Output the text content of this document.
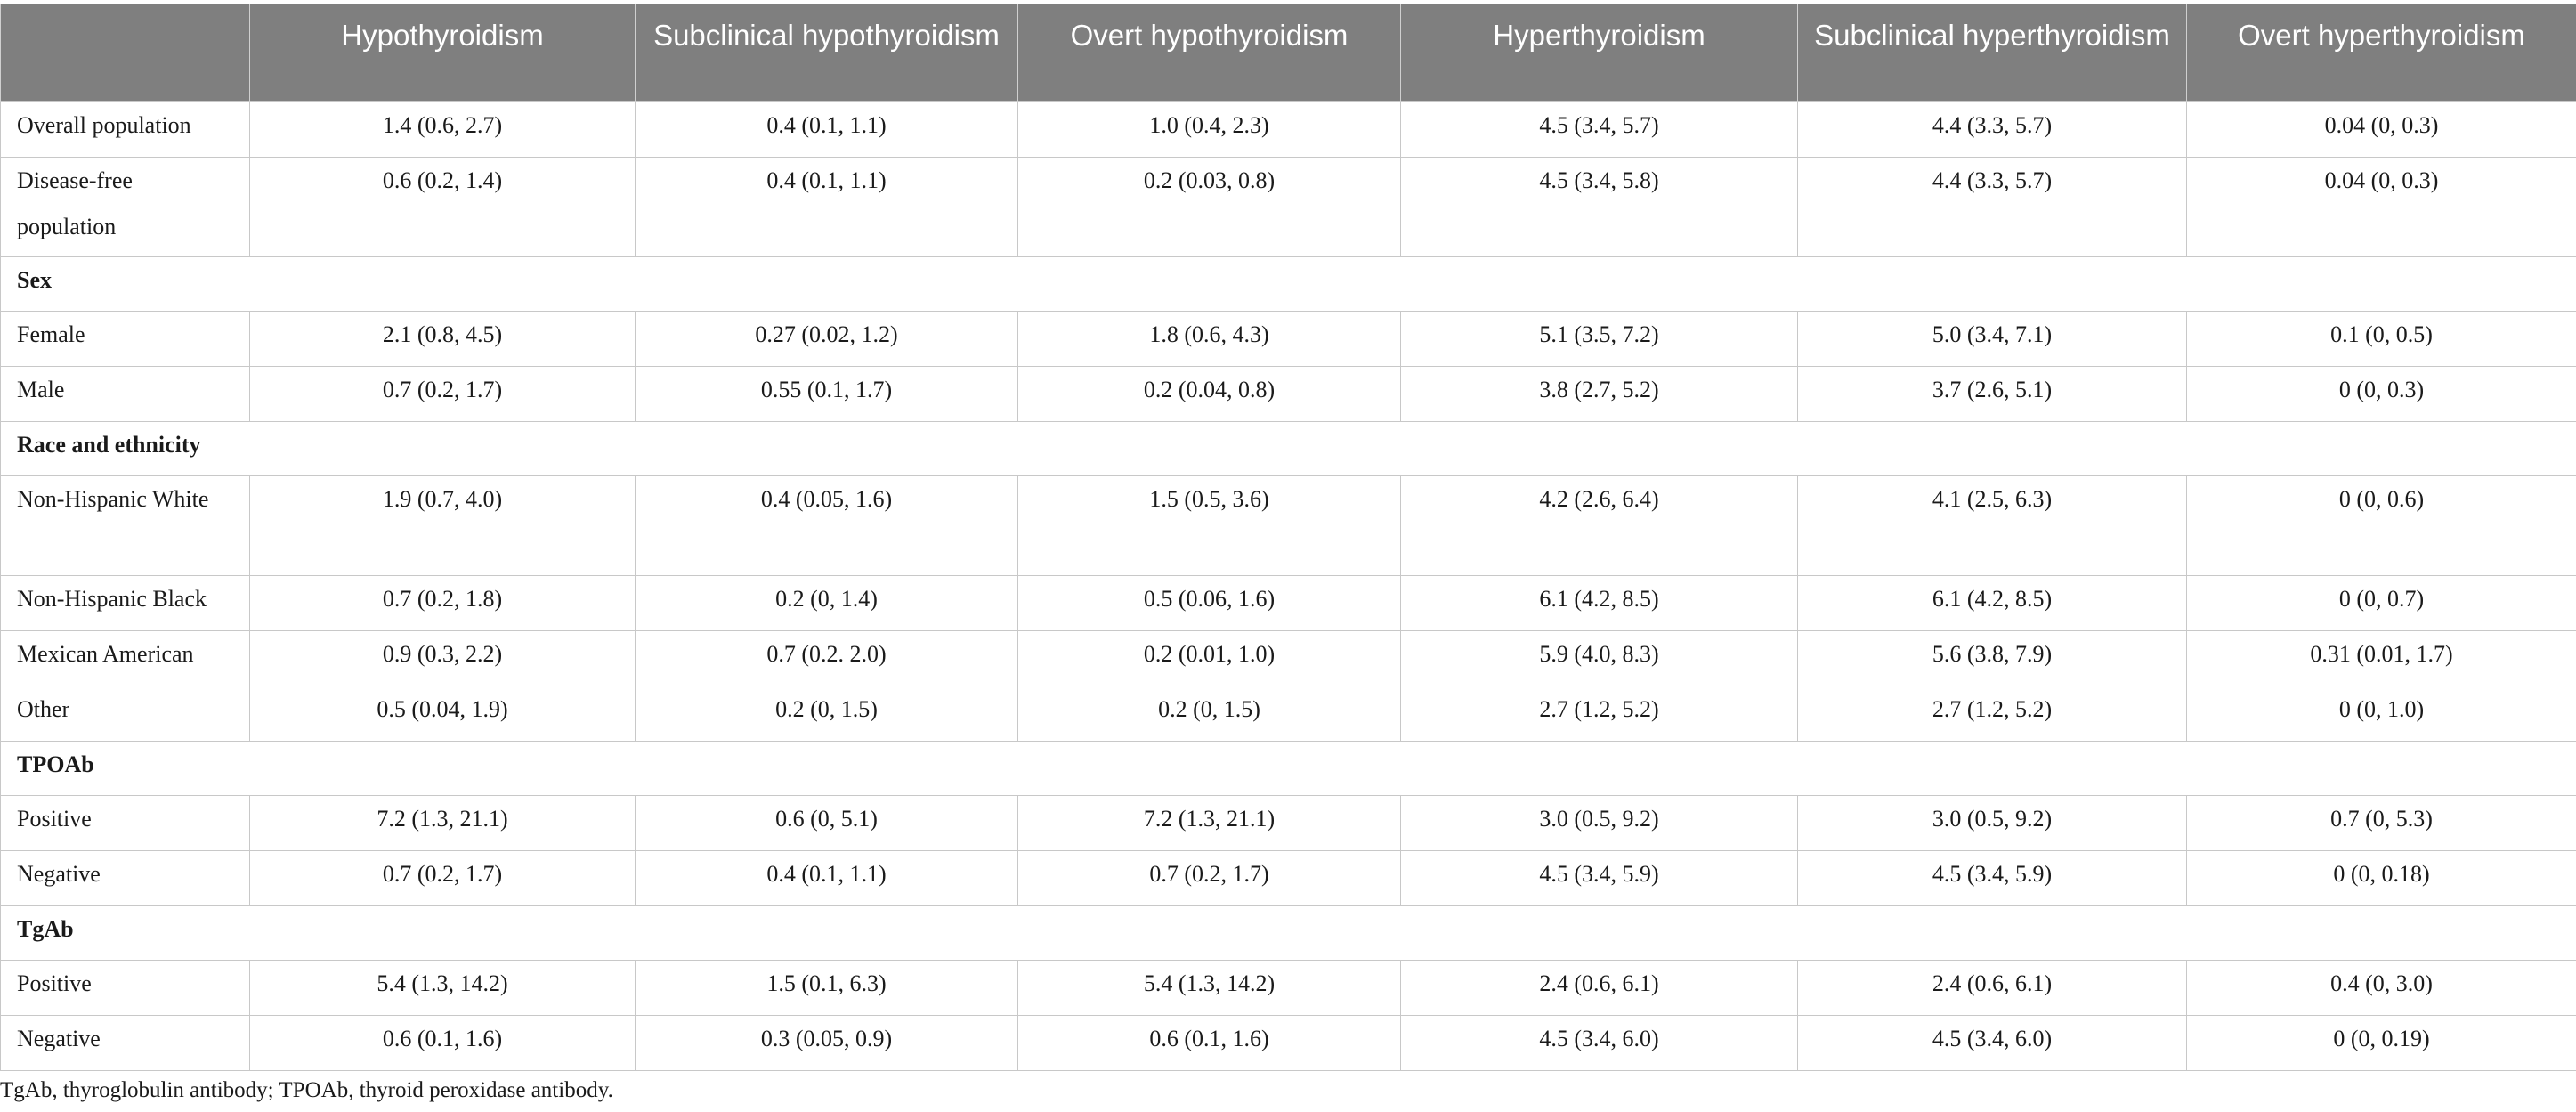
	Hypothyroidism	Subclinical hypothyroidism	Overt hypothyroidism	Hyperthyroidism	Subclinical hyperthyroidism	Overt hyperthyroidism
Overall population	1.4 (0.6, 2.7)	0.4 (0.1, 1.1)	1.0 (0.4, 2.3)	4.5 (3.4, 5.7)	4.4 (3.3, 5.7)	0.04 (0, 0.3)
Disease-free population	0.6 (0.2, 1.4)	0.4 (0.1, 1.1)	0.2 (0.03, 0.8)	4.5 (3.4, 5.8)	4.4 (3.3, 5.7)	0.04 (0, 0.3)
Sex						
Female	2.1 (0.8, 4.5)	0.27 (0.02, 1.2)	1.8 (0.6, 4.3)	5.1 (3.5, 7.2)	5.0 (3.4, 7.1)	0.1 (0, 0.5)
Male	0.7 (0.2, 1.7)	0.55 (0.1, 1.7)	0.2 (0.04, 0.8)	3.8 (2.7, 5.2)	3.7 (2.6, 5.1)	0 (0, 0.3)
Race and ethnicity						
Non-Hispanic White	1.9 (0.7, 4.0)	0.4 (0.05, 1.6)	1.5 (0.5, 3.6)	4.2 (2.6, 6.4)	4.1 (2.5, 6.3)	0 (0, 0.6)
Non-Hispanic Black	0.7 (0.2, 1.8)	0.2 (0, 1.4)	0.5 (0.06, 1.6)	6.1 (4.2, 8.5)	6.1 (4.2, 8.5)	0 (0, 0.7)
Mexican American	0.9 (0.3, 2.2)	0.7 (0.2. 2.0)	0.2 (0.01, 1.0)	5.9 (4.0, 8.3)	5.6 (3.8, 7.9)	0.31 (0.01, 1.7)
Other	0.5 (0.04, 1.9)	0.2 (0, 1.5)	0.2 (0, 1.5)	2.7 (1.2, 5.2)	2.7 (1.2, 5.2)	0 (0, 1.0)
TPOAb						
Positive	7.2 (1.3, 21.1)	0.6 (0, 5.1)	7.2 (1.3, 21.1)	3.0 (0.5, 9.2)	3.0 (0.5, 9.2)	0.7 (0, 5.3)
Negative	0.7 (0.2, 1.7)	0.4 (0.1, 1.1)	0.7 (0.2, 1.7)	4.5 (3.4, 5.9)	4.5 (3.4, 5.9)	0 (0, 0.18)
TgAb						
Positive	5.4 (1.3, 14.2)	1.5 (0.1, 6.3)	5.4 (1.3, 14.2)	2.4 (0.6, 6.1)	2.4 (0.6, 6.1)	0.4 (0, 3.0)
Negative	0.6 (0.1, 1.6)	0.3 (0.05, 0.9)	0.6 (0.1, 1.6)	4.5 (3.4, 6.0)	4.5 (3.4, 6.0)	0 (0, 0.19)
TgAb, thyroglobulin antibody; TPOAb, thyroid peroxidase antibody.
